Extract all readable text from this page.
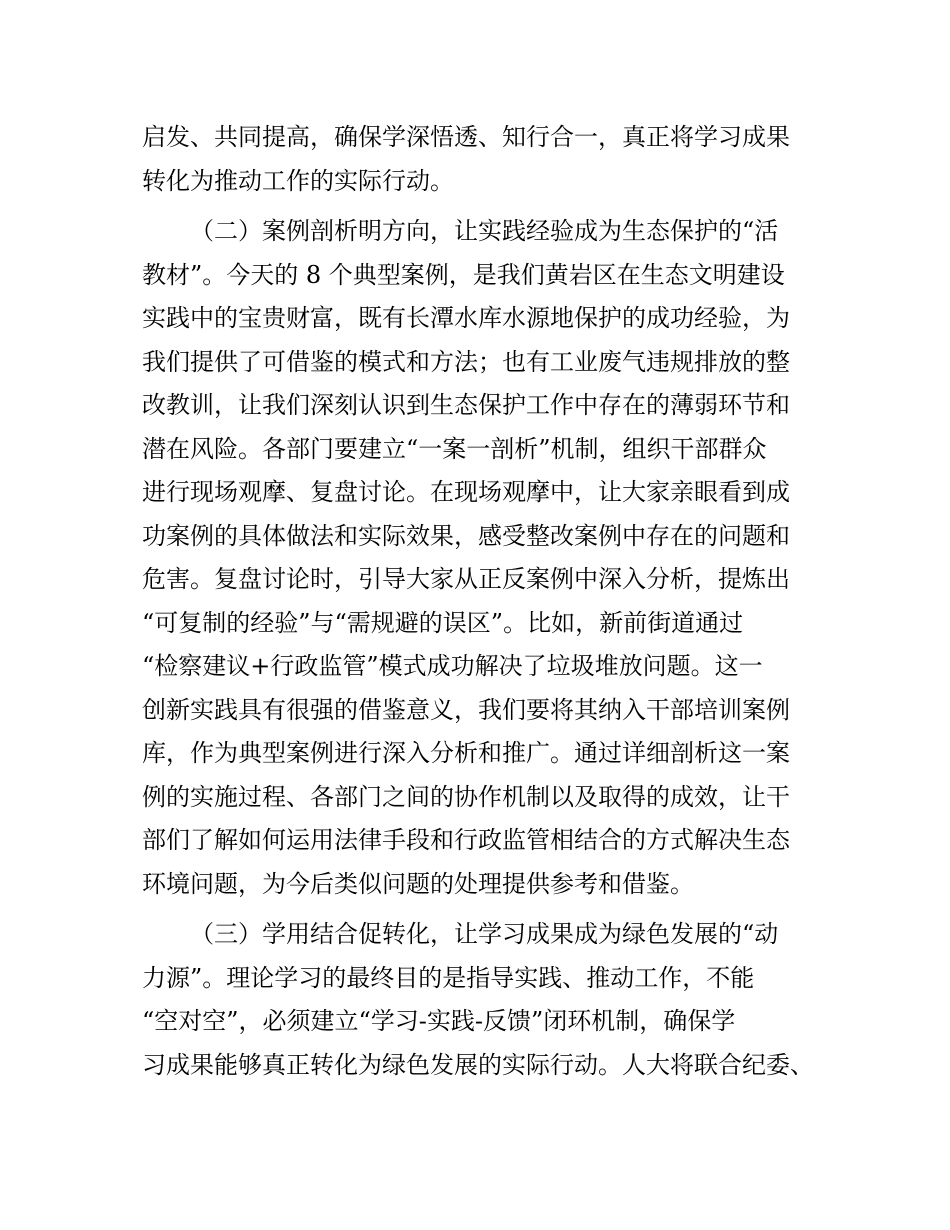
启发、共同提高，确保学深悟透、知行合一，真正将学习成果
转化为推动工作的实际行动。
（二）案例剖析明方向，让实践经验成为生态保护的“活
教材”。今天的 8 个典型案例，是我们黄岩区在生态文明建设
实践中的宝贵财富，既有长潭水库水源地保护的成功经验，为
我们提供了可借鉴的模式和方法；也有工业废气违规排放的整
改教训，让我们深刻认识到生态保护工作中存在的薄弱环节和
潜在风险。各部门要建立“一案一剖析”机制，组织干部群众
进行现场观摩、复盘讨论。在现场观摩中，让大家亲眼看到成
功案例的具体做法和实际效果，感受整改案例中存在的问题和
危害。复盘讨论时，引导大家从正反案例中深入分析，提炼出
“可复制的经验”与“需规避的误区”。比如，新前街道通过
“检察建议+行政监管”模式成功解决了垃圾堆放问题。这一
创新实践具有很强的借鉴意义，我们要将其纳入干部培训案例
库，作为典型案例进行深入分析和推广。通过详细剖析这一案
例的实施过程、各部门之间的协作机制以及取得的成效，让干
部们了解如何运用法律手段和行政监管相结合的方式解决生态
环境问题，为今后类似问题的处理提供参考和借鉴。
（三）学用结合促转化，让学习成果成为绿色发展的“动
力源”。理论学习的最终目的是指导实践、推动工作，不能
“空对空”，必须建立“学习-实践-反馈”闭环机制，确保学
习成果能够真正转化为绿色发展的实际行动。人大将联合纪委、
